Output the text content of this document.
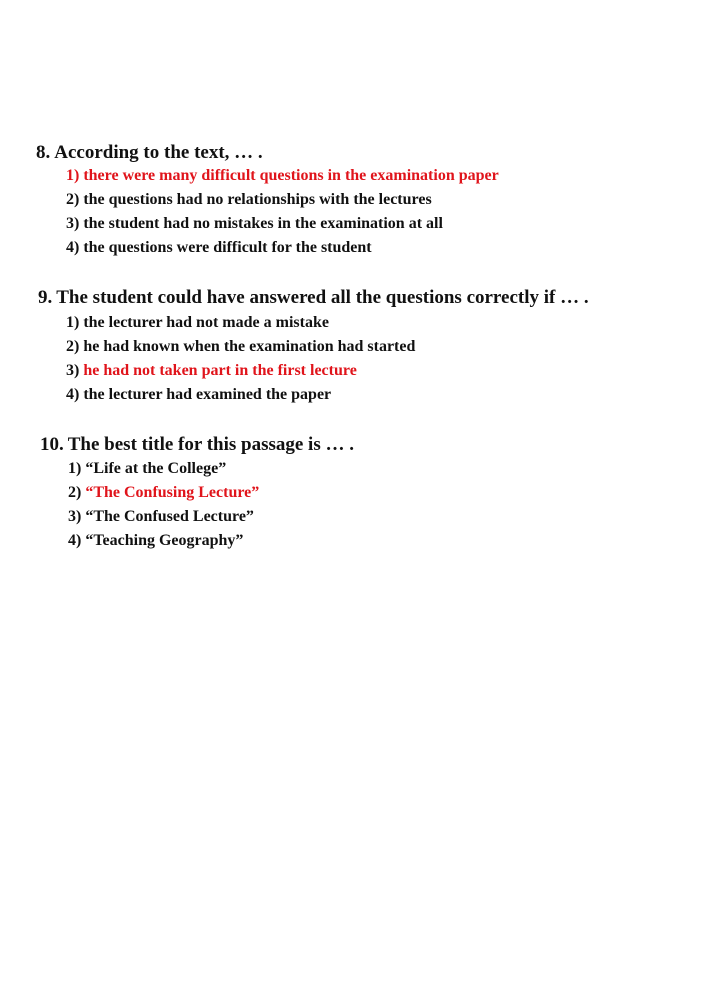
8. According to the text, … .
1) there were many difficult questions in the examination paper
2) the questions had no relationships with the lectures
3) the student had no mistakes in the examination at all
4) the questions were difficult for the student
9. The student could have answered all the questions correctly if … .
1) the lecturer had not made a mistake
2) he had known when the examination had started
3) he had not taken part in the first lecture
4) the lecturer had examined the paper
10. The best title for this passage is … .
1) “Life at the College”
2) “The Confusing Lecture”
3) “The Confused Lecture”
4) “Teaching Geography”
